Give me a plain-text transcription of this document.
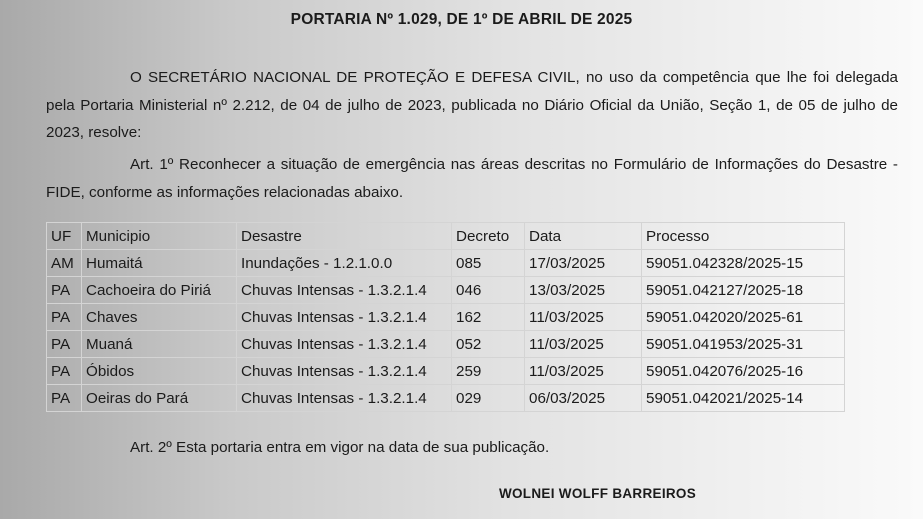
PORTARIA Nº 1.029, DE 1º DE ABRIL DE 2025

O SECRETÁRIO NACIONAL DE PROTEÇÃO E DEFESA CIVIL, no uso da competência que lhe foi delegada pela Portaria Ministerial nº 2.212, de 04 de julho de 2023, publicada no Diário Oficial da União, Seção 1, de 05 de julho de 2023, resolve:

Art. 1º Reconhecer a situação de emergência nas áreas descritas no Formulário de Informações do Desastre - FIDE, conforme as informações relacionadas abaixo.

UF	Municipio	Desastre	Decreto	Data	Processo
AM	Humaitá	Inundações - 1.2.1.0.0	085	17/03/2025	59051.042328/2025-15
PA	Cachoeira do Piriá	Chuvas Intensas - 1.3.2.1.4	046	13/03/2025	59051.042127/2025-18
PA	Chaves	Chuvas Intensas - 1.3.2.1.4	162	11/03/2025	59051.042020/2025-61
PA	Muaná	Chuvas Intensas - 1.3.2.1.4	052	11/03/2025	59051.041953/2025-31
PA	Óbidos	Chuvas Intensas - 1.3.2.1.4	259	11/03/2025	59051.042076/2025-16
PA	Oeiras do Pará	Chuvas Intensas - 1.3.2.1.4	029	06/03/2025	59051.042021/2025-14

Art. 2º Esta portaria entra em vigor na data de sua publicação.

WOLNEI WOLFF BARREIROS
